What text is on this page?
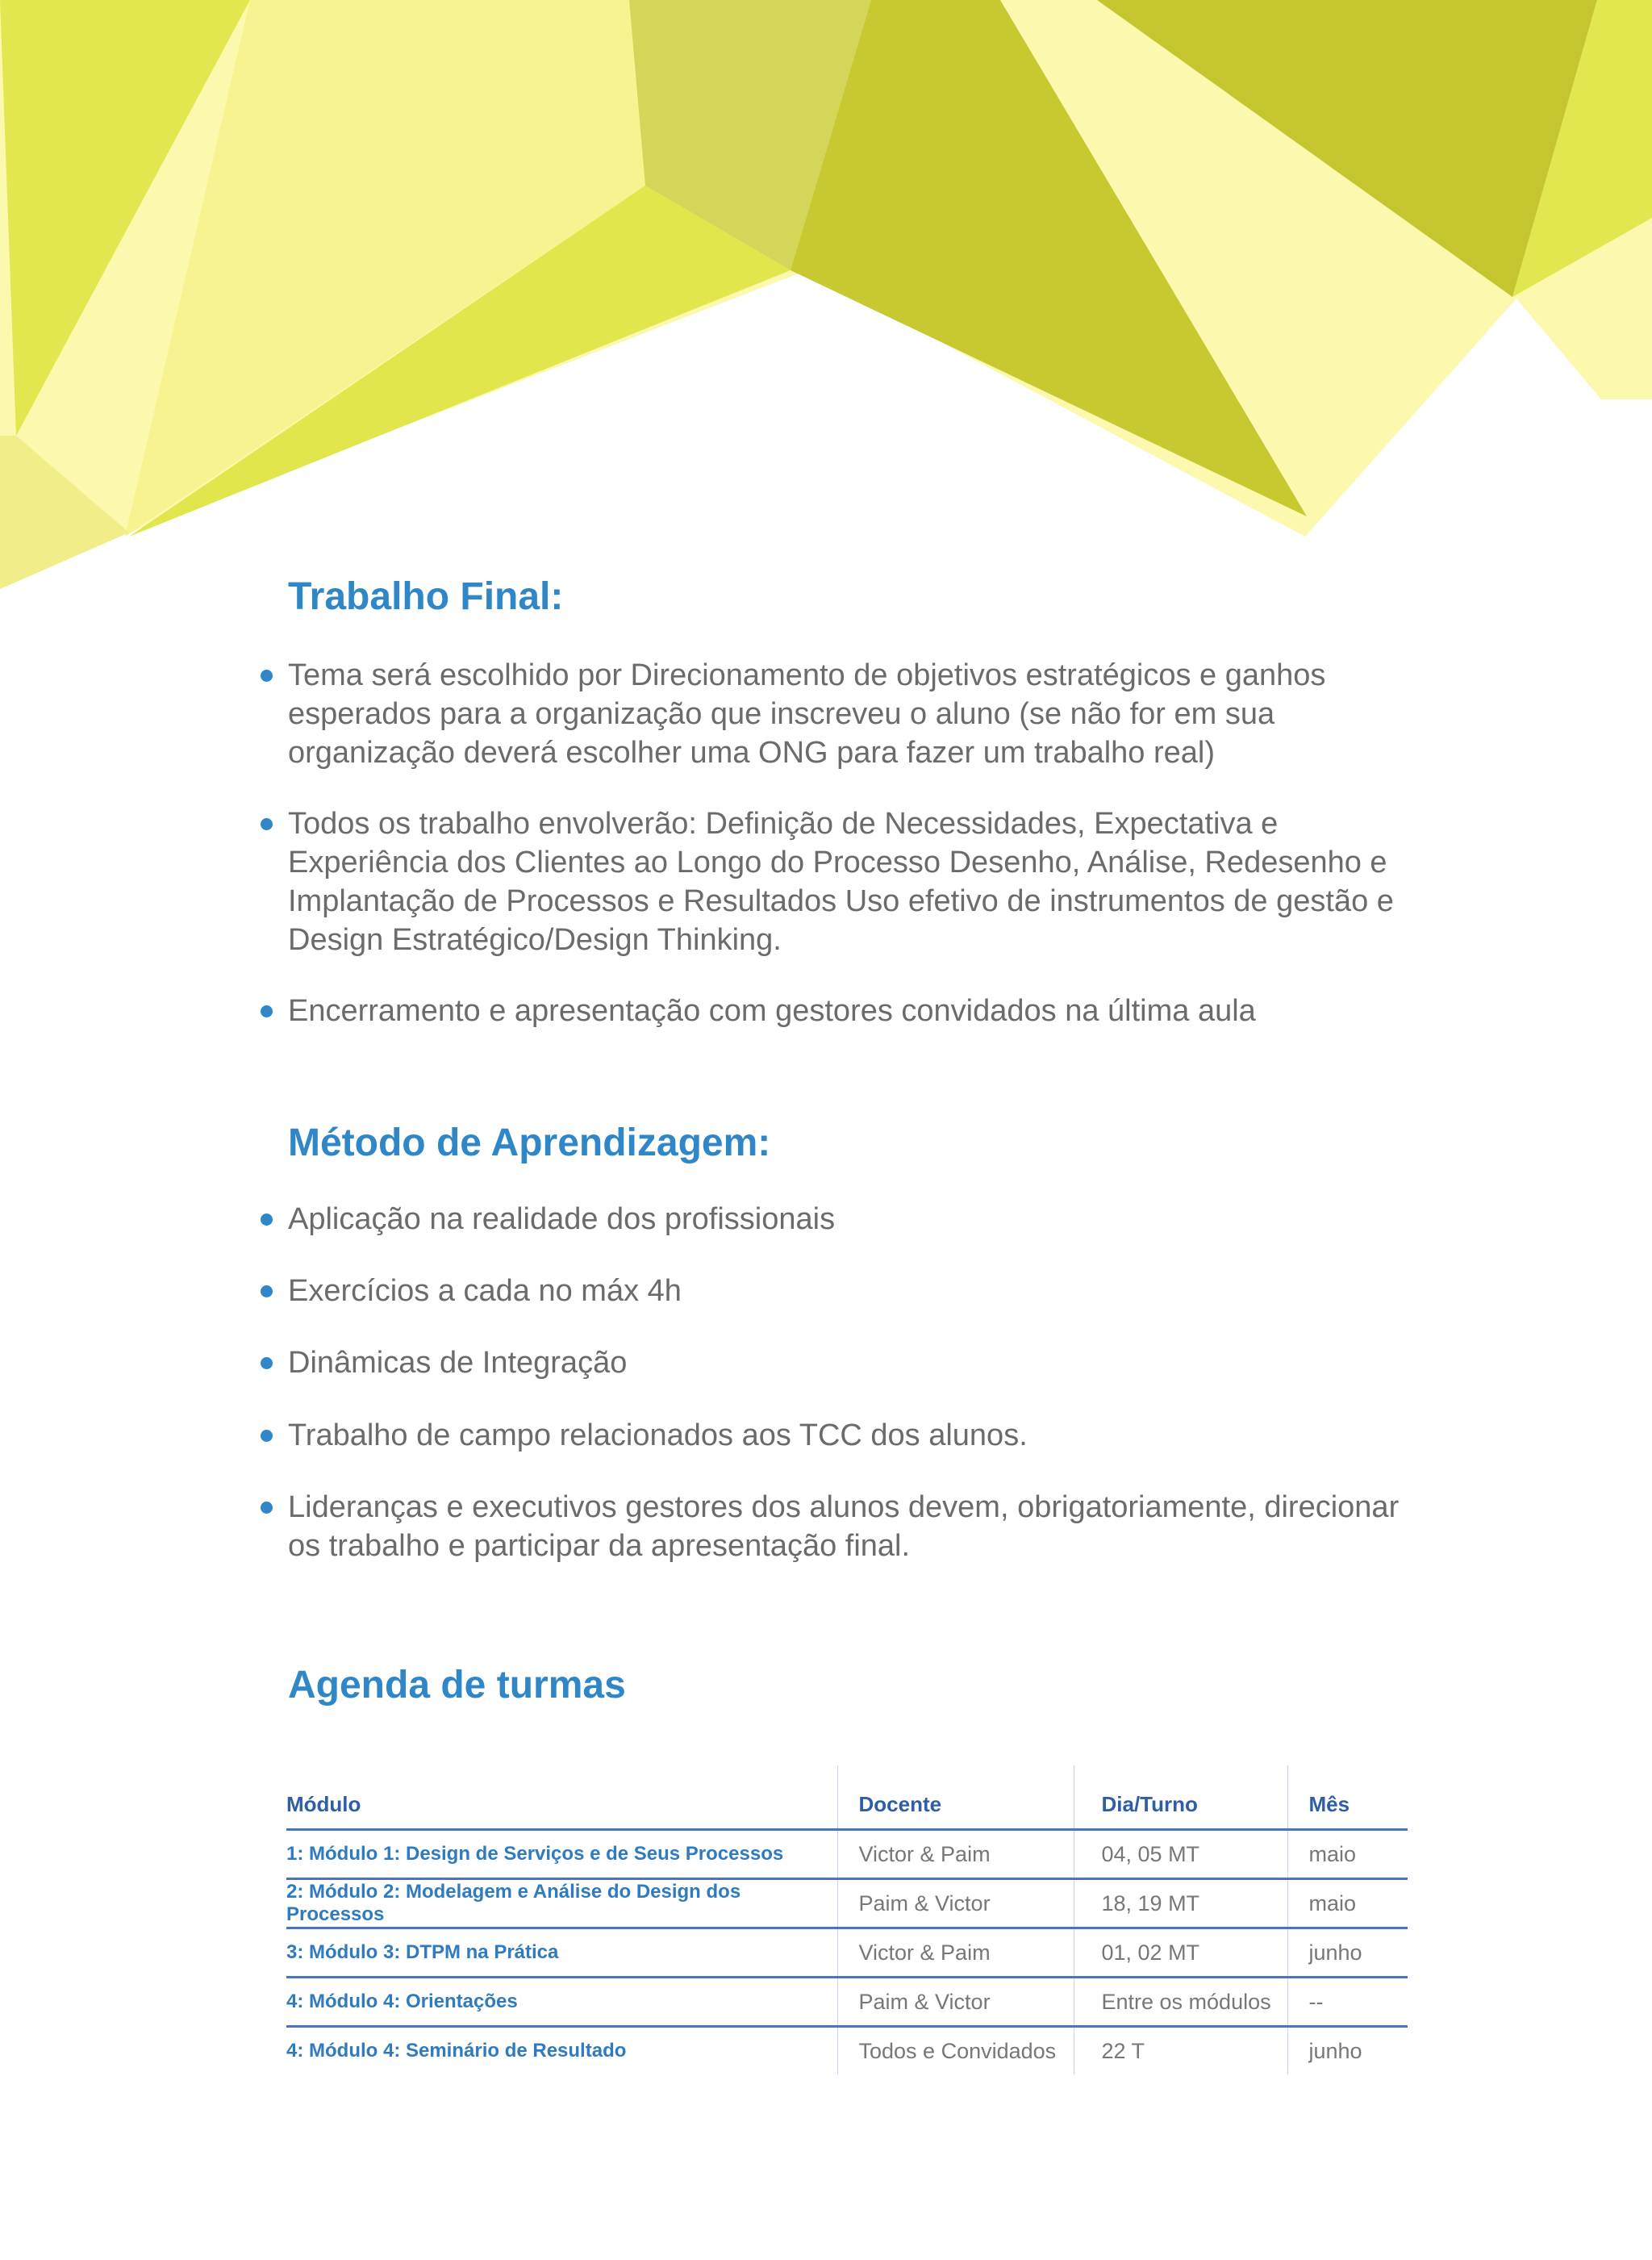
Trabalho Final:
Tema será escolhido por Direcionamento de objetivos estratégicos e ganhos esperados para a organização que inscreveu o aluno (se não for em sua organização deverá escolher uma ONG para fazer um trabalho real)
Todos os trabalho envolverão: Definição de Necessidades, Expectativa e Experiência dos Clientes ao Longo do Processo Desenho, Análise, Redesenho e Implantação de Processos e Resultados Uso efetivo de instrumentos de gestão e Design Estratégico/Design Thinking.
Encerramento e apresentação com gestores convidados na última aula
Método de Aprendizagem:
Aplicação na realidade dos profissionais
Exercícios a cada no máx 4h
Dinâmicas de Integração
Trabalho de campo relacionados aos TCC dos alunos.
Lideranças e executivos gestores dos alunos devem, obrigatoriamente, direcionar os trabalho e participar da apresentação final.
Agenda de turmas
Módulo	Docente	Dia/Turno	Mês
1: Módulo 1: Design de Serviços e de Seus Processos	Victor & Paim	04, 05 MT	maio
2: Módulo 2: Modelagem e Análise do Design dos Processos	Paim & Victor	18, 19 MT	maio
3: Módulo 3: DTPM na Prática	Victor & Paim	01, 02 MT	junho
4: Módulo 4: Orientações	Paim & Victor	Entre os módulos	--
4: Módulo 4: Seminário de Resultado	Todos e Convidados	22 T	junho
